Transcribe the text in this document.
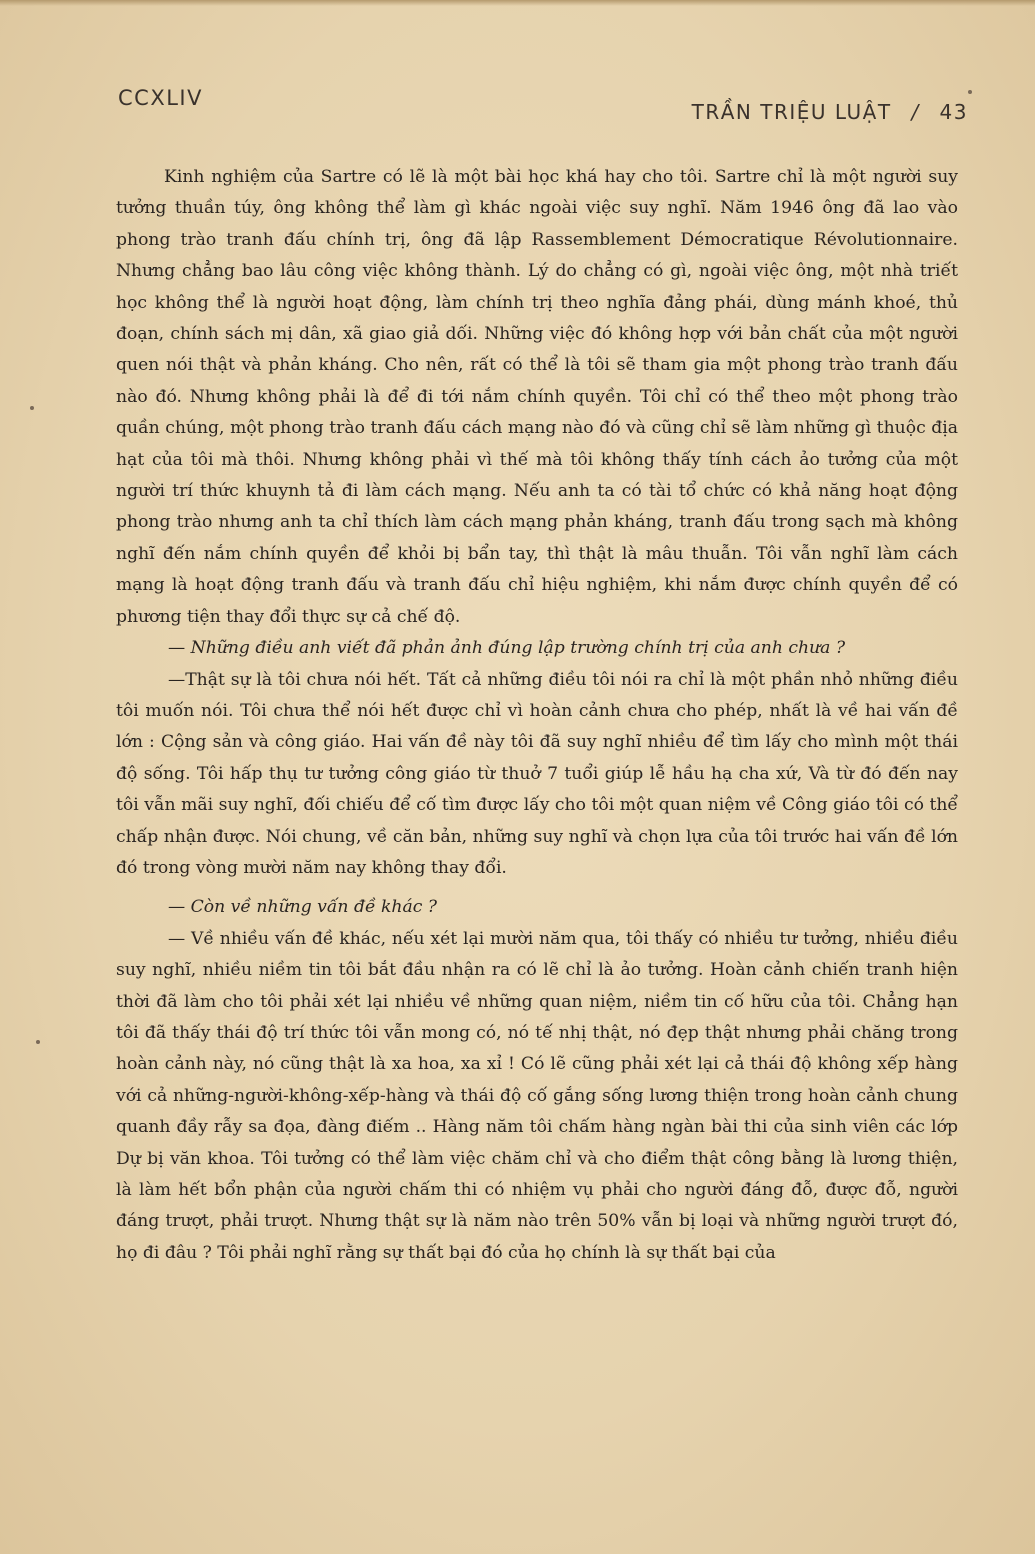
CCXLIV
TRẦN TRIỆU LUẬT / 43

Kinh nghiệm của Sartre có lẽ là một bài học khá hay cho tôi. Sartre chỉ là một người suy tưởng thuần túy, ông không thể làm gì khác ngoài việc suy nghĩ. Năm 1946 ông đã lao vào phong trào tranh đấu chính trị, ông đã lập Rassemblement Démocratique Révolutionnaire. Nhưng chẳng bao lâu công việc không thành. Lý do chẳng có gì, ngoài việc ông, một nhà triết học không thể là người hoạt động, làm chính trị theo nghĩa đảng phái, dùng mánh khoé, thủ đoạn, chính sách mị dân, xã giao giả dối. Những việc đó không hợp với bản chất của một người quen nói thật và phản kháng. Cho nên, rất có thể là tôi sẽ tham gia một phong trào tranh đấu nào đó. Nhưng không phải là để đi tới nắm chính quyền. Tôi chỉ có thể theo một phong trào quần chúng, một phong trào tranh đấu cách mạng nào đó và cũng chỉ sẽ làm những gì thuộc địa hạt của tôi mà thôi. Nhưng không phải vì thế mà tôi không thấy tính cách ảo tưởng của một người trí thức khuynh tả đi làm cách mạng. Nếu anh ta có tài tổ chức có khả năng hoạt động phong trào nhưng anh ta chỉ thích làm cách mạng phản kháng, tranh đấu trong sạch mà không nghĩ đến nắm chính quyền để khỏi bị bẩn tay, thì thật là mâu thuẫn. Tôi vẫn nghĩ làm cách mạng là hoạt động tranh đấu và tranh đấu chỉ hiệu nghiệm, khi nắm được chính quyền để có phương tiện thay đổi thực sự cả chế độ.

— Những điều anh viết đã phản ảnh đúng lập trường chính trị của anh chưa ?

—Thật sự là tôi chưa nói hết. Tất cả những điều tôi nói ra chỉ là một phần nhỏ những điều tôi muốn nói. Tôi chưa thể nói hết được chỉ vì hoàn cảnh chưa cho phép, nhất là về hai vấn đề lớn : Cộng sản và công giáo. Hai vấn đề này tôi đã suy nghĩ nhiều để tìm lấy cho mình một thái độ sống. Tôi hấp thụ tư tưởng công giáo từ thuở 7 tuổi giúp lễ hầu hạ cha xứ, Và từ đó đến nay tôi vẫn mãi suy nghĩ, đối chiếu để cố tìm được lấy cho tôi một quan niệm về Công giáo tôi có thể chấp nhận được. Nói chung, về căn bản, những suy nghĩ và chọn lựa của tôi trước hai vấn đề lớn đó trong vòng mười năm nay không thay đổi.

— Còn về những vấn đề khác ?

— Về nhiều vấn đề khác, nếu xét lại mười năm qua, tôi thấy có nhiều tư tưởng, nhiều điều suy nghĩ, nhiều niềm tin tôi bắt đầu nhận ra có lẽ chỉ là ảo tưởng. Hoàn cảnh chiến tranh hiện thời đã làm cho tôi phải xét lại nhiều về những quan niệm, niềm tin cố hữu của tôi. Chẳng hạn tôi đã thấy thái độ trí thức tôi vẫn mong có, nó tế nhị thật, nó đẹp thật nhưng phải chăng trong hoàn cảnh này, nó cũng thật là xa hoa, xa xỉ ! Có lẽ cũng phải xét lại cả thái độ không xếp hàng với cả những-người-không-xếp-hàng và thái độ cố gắng sống lương thiện trong hoàn cảnh chung quanh đầy rẫy sa đọa, đàng điếm .. Hàng năm tôi chấm hàng ngàn bài thi của sinh viên các lớp Dự bị văn khoa. Tôi tưởng có thể làm việc chăm chỉ và cho điểm thật công bằng là lương thiện, là làm hết bổn phận của người chấm thi có nhiệm vụ phải cho người đáng đỗ, được đỗ, người đáng trượt, phải trượt. Nhưng thật sự là năm nào trên 50% vẫn bị loại và những người trượt đó, họ đi đâu ? Tôi phải nghĩ rằng sự thất bại đó của họ chính là sự thất bại của
